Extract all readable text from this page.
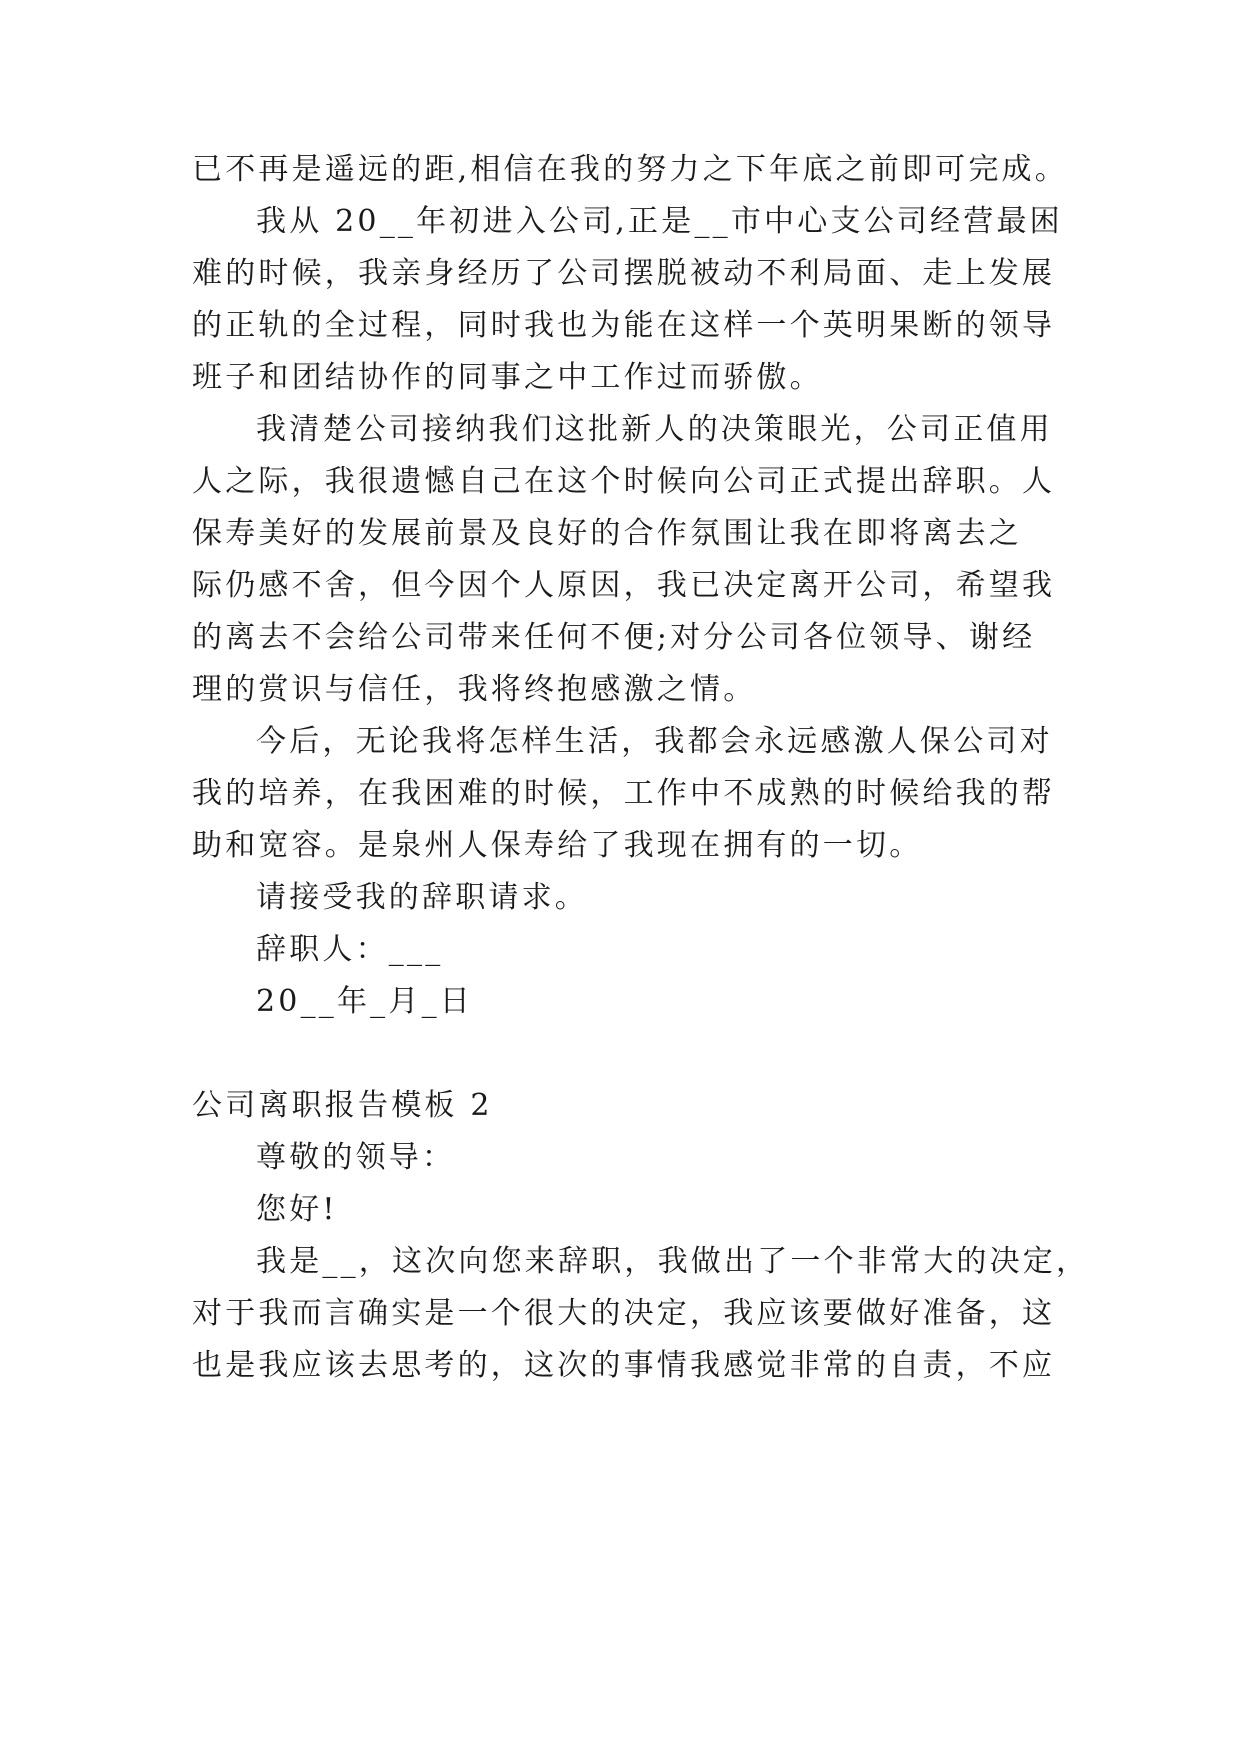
已不再是遥远的距,相信在我的努力之下年底之前即可完成。
我从 20__年初进入公司,正是__市中心支公司经营最困
难的时候，我亲身经历了公司摆脱被动不利局面、走上发展
的正轨的全过程，同时我也为能在这样一个英明果断的领导
班子和团结协作的同事之中工作过而骄傲。
我清楚公司接纳我们这批新人的决策眼光，公司正值用
人之际，我很遗憾自己在这个时候向公司正式提出辞职。人
保寿美好的发展前景及良好的合作氛围让我在即将离去之
际仍感不舍，但今因个人原因，我已决定离开公司，希望我
的离去不会给公司带来任何不便;对分公司各位领导、谢经
理的赏识与信任，我将终抱感激之情。
今后，无论我将怎样生活，我都会永远感激人保公司对
我的培养，在我困难的时候，工作中不成熟的时候给我的帮
助和宽容。是泉州人保寿给了我现在拥有的一切。
请接受我的辞职请求。
辞职人：___
20__年_月_日
公司离职报告模板 2
尊敬的领导：
您好!
我是__，这次向您来辞职，我做出了一个非常大的决定，
对于我而言确实是一个很大的决定，我应该要做好准备，这
也是我应该去思考的，这次的事情我感觉非常的自责，不应
